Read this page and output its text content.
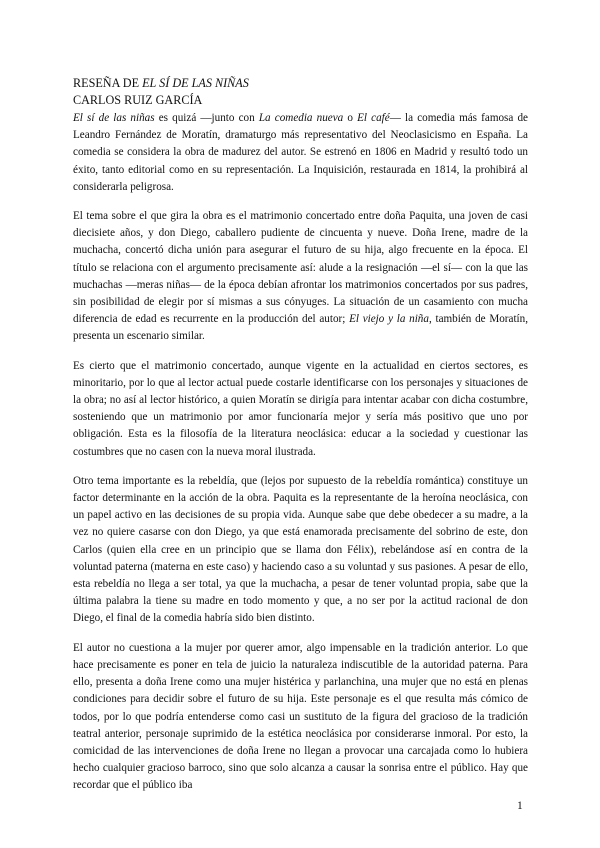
RESEÑA DE EL SÍ DE LAS NIÑAS
CARLOS RUIZ GARCÍA

El sí de las niñas es quizá —junto con La comedia nueva o El café— la comedia más famosa de Leandro Fernández de Moratín, dramaturgo más representativo del Neoclasicismo en España. La comedia se considera la obra de madurez del autor. Se estrenó en 1806 en Madrid y resultó todo un éxito, tanto editorial como en su representación. La Inquisición, restaurada en 1814, la prohibirá al considerarla peligrosa.

El tema sobre el que gira la obra es el matrimonio concertado entre doña Paquita, una joven de casi diecisiete años, y don Diego, caballero pudiente de cincuenta y nueve. Doña Irene, madre de la muchacha, concertó dicha unión para asegurar el futuro de su hija, algo frecuente en la época. El título se relaciona con el argumento precisamente así: alude a la resignación —el sí— con la que las muchachas —meras niñas— de la época debían afrontar los matrimonios concertados por sus padres, sin posibilidad de elegir por sí mismas a sus cónyuges. La situación de un casamiento con mucha diferencia de edad es recurrente en la producción del autor; El viejo y la niña, también de Moratín, presenta un escenario similar.

Es cierto que el matrimonio concertado, aunque vigente en la actualidad en ciertos sectores, es minoritario, por lo que al lector actual puede costarle identificarse con los personajes y situaciones de la obra; no así al lector histórico, a quien Moratín se dirigía para intentar acabar con dicha costumbre, sosteniendo que un matrimonio por amor funcionaría mejor y sería más positivo que uno por obligación. Esta es la filosofía de la literatura neoclásica: educar a la sociedad y cuestionar las costumbres que no casen con la nueva moral ilustrada.

Otro tema importante es la rebeldía, que (lejos por supuesto de la rebeldía romántica) constituye un factor determinante en la acción de la obra. Paquita es la representante de la heroína neoclásica, con un papel activo en las decisiones de su propia vida. Aunque sabe que debe obedecer a su madre, a la vez no quiere casarse con don Diego, ya que está enamorada precisamente del sobrino de este, don Carlos (quien ella cree en un principio que se llama don Félix), rebelándose así en contra de la voluntad paterna (materna en este caso) y haciendo caso a su voluntad y sus pasiones. A pesar de ello, esta rebeldía no llega a ser total, ya que la muchacha, a pesar de tener voluntad propia, sabe que la última palabra la tiene su madre en todo momento y que, a no ser por la actitud racional de don Diego, el final de la comedia habría sido bien distinto.

El autor no cuestiona a la mujer por querer amor, algo impensable en la tradición anterior. Lo que hace precisamente es poner en tela de juicio la naturaleza indiscutible de la autoridad paterna. Para ello, presenta a doña Irene como una mujer histérica y parlanchina, una mujer que no está en plenas condiciones para decidir sobre el futuro de su hija. Este personaje es el que resulta más cómico de todos, por lo que podría entenderse como casi un sustituto de la figura del gracioso de la tradición teatral anterior, personaje suprimido de la estética neoclásica por considerarse inmoral. Por esto, la comicidad de las intervenciones de doña Irene no llegan a provocar una carcajada como lo hubiera hecho cualquier gracioso barroco, sino que solo alcanza a causar la sonrisa entre el público. Hay que recordar que el público iba

1
